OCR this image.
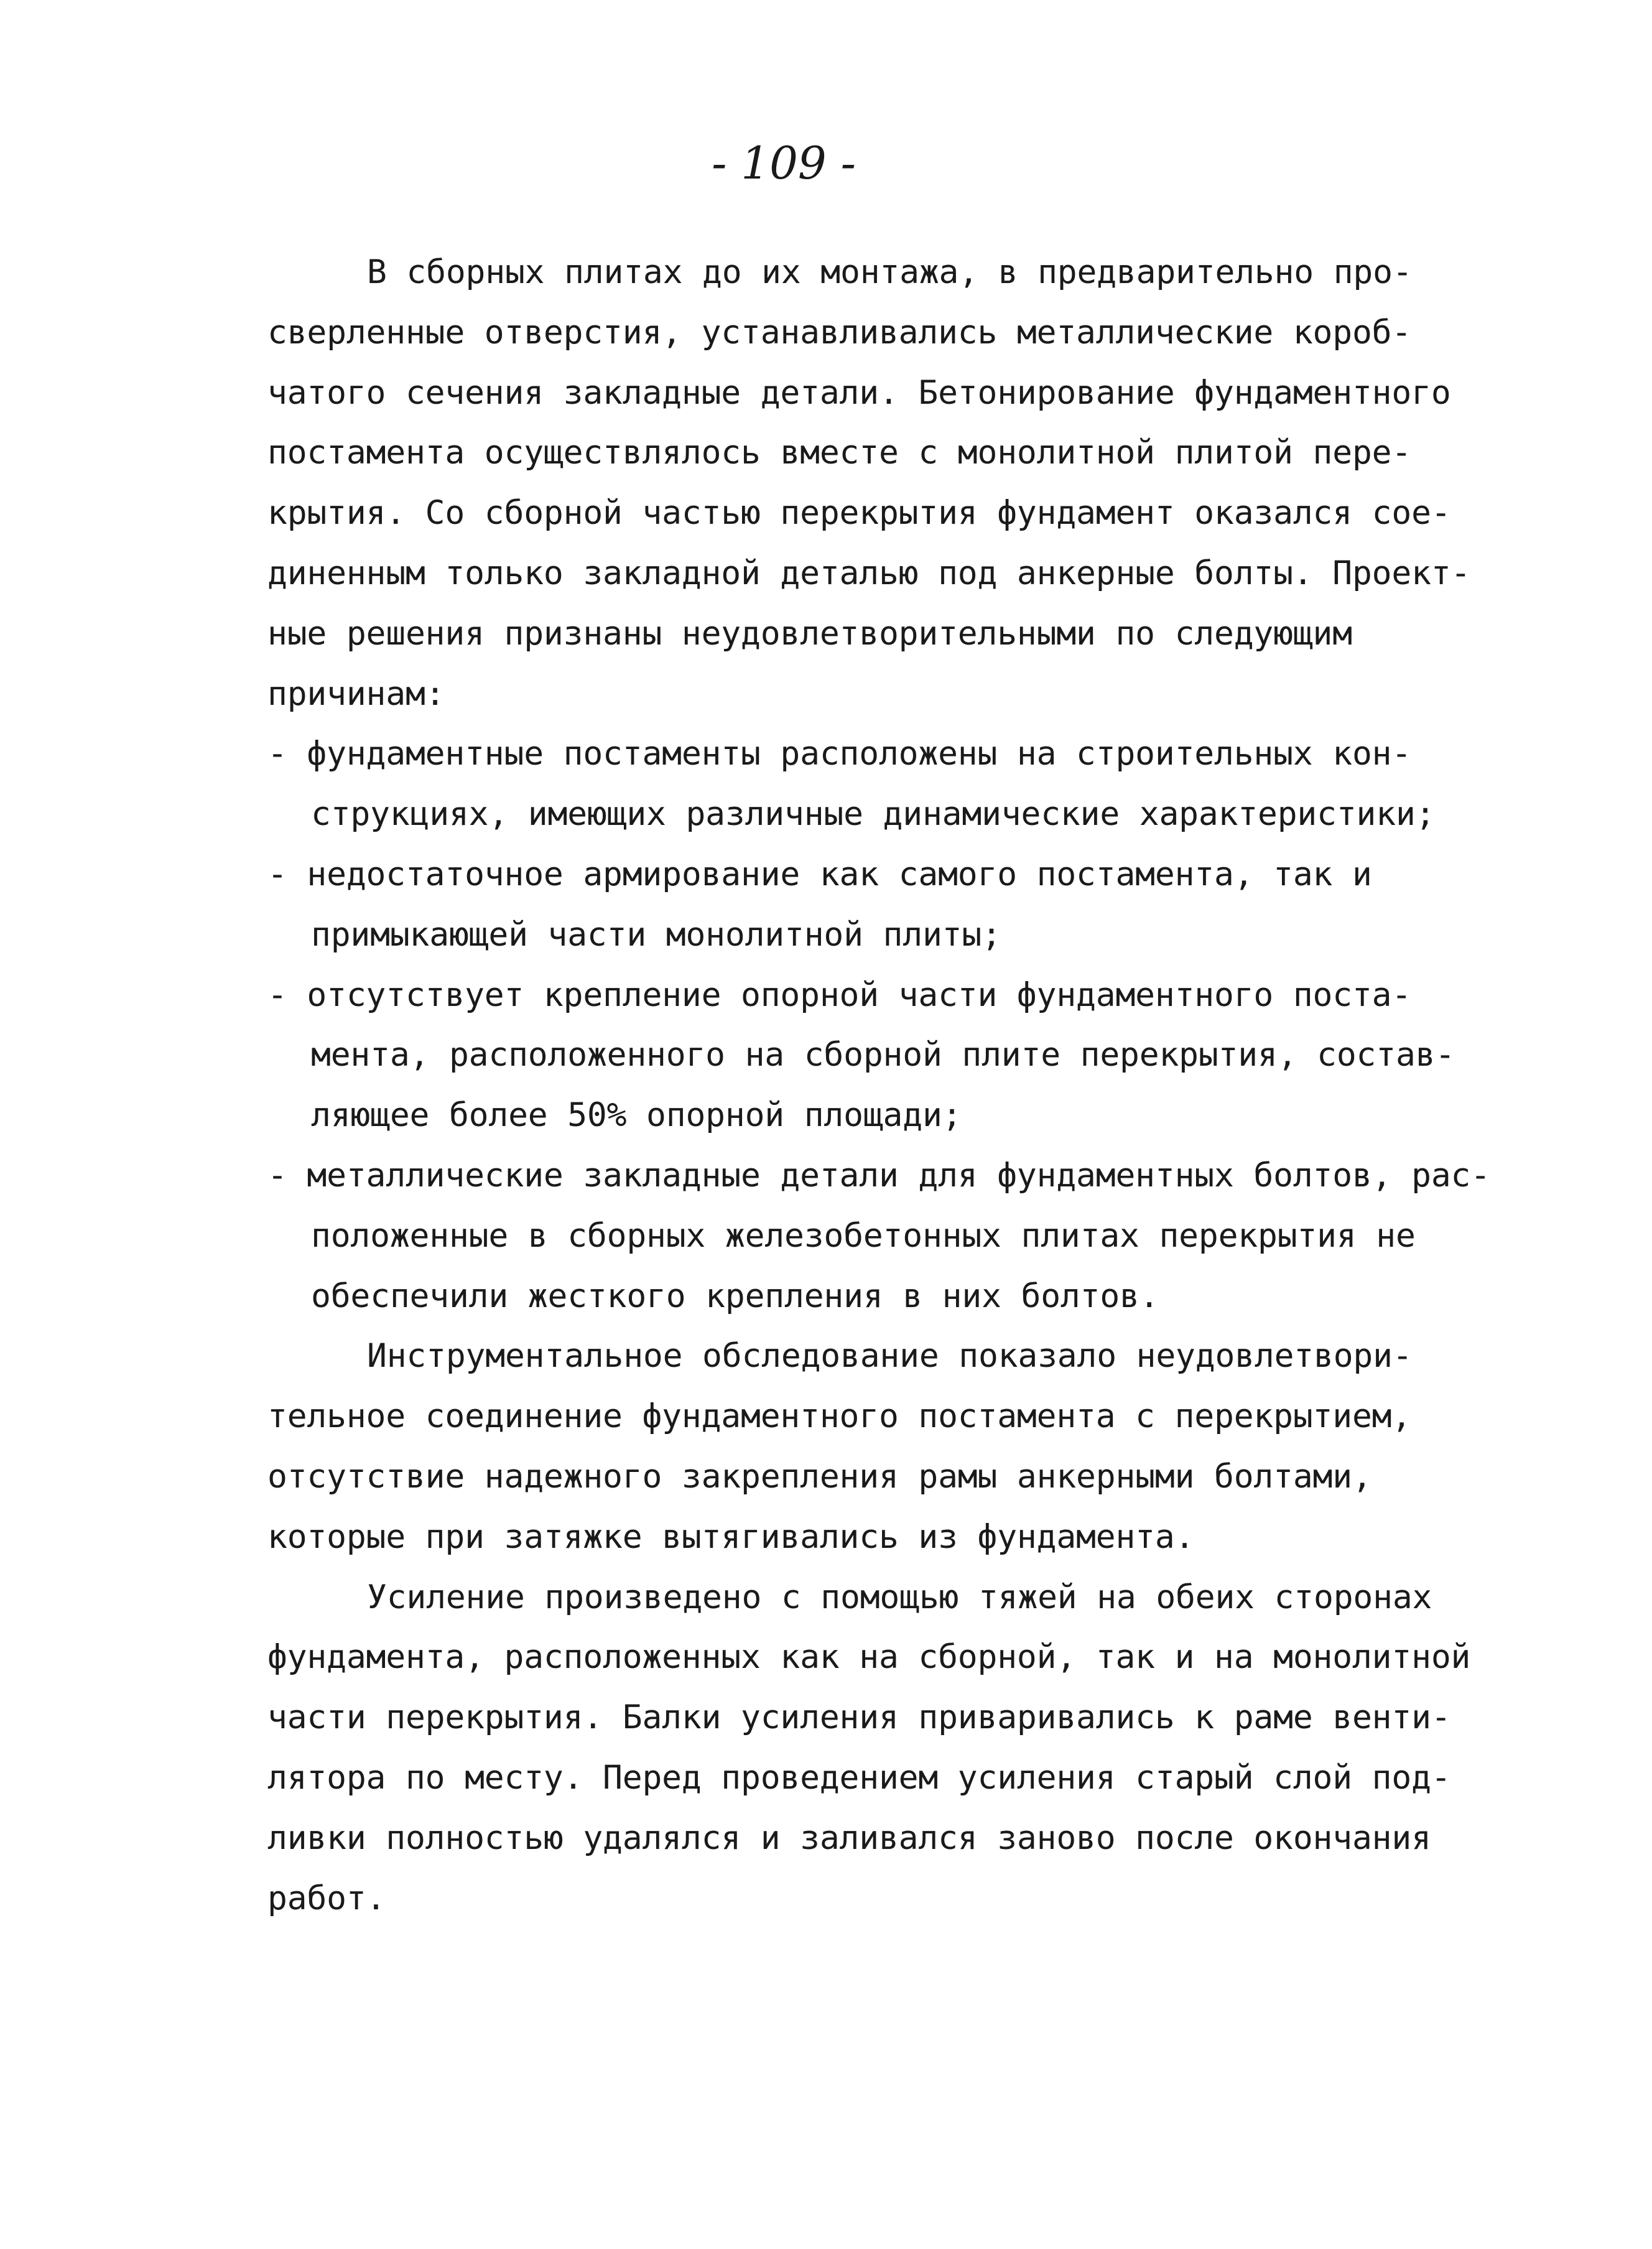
- 109 -
В сборных плитах до их монтажа, в предварительно про-
сверленные отверстия, устанавливались металлические короб-
чатого сечения закладные детали. Бетонирование фундаментного
постамента осуществлялось вместе с монолитной плитой пере-
крытия. Со сборной частью перекрытия фундамент оказался сое-
диненным только закладной деталью под анкерные болты. Проект-
ные решения признаны неудовлетворительными по следующим
причинам:
- фундаментные постаменты расположены на строительных кон-
струкциях, имеющих различные динамические характеристики;
- недостаточное армирование как самого постамента, так и
примыкающей части монолитной плиты;
- отсутствует крепление опорной части фундаментного поста-
мента, расположенного на сборной плите перекрытия, состав-
ляющее более 50% опорной площади;
- металлические закладные детали для фундаментных болтов, рас-
положенные в сборных железобетонных плитах перекрытия не
обеспечили жесткого крепления в них болтов.
Инструментальное обследование показало неудовлетвори-
тельное соединение фундаментного постамента с перекрытием,
отсутствие надежного закрепления рамы анкерными болтами,
которые при затяжке вытягивались из фундамента.
Усиление произведено с помощью тяжей на обеих сторонах
фундамента, расположенных как на сборной, так и на монолитной
части перекрытия. Балки усиления приваривались к раме венти-
лятора по месту. Перед проведением усиления старый слой под-
ливки полностью удалялся и заливался заново после окончания
работ.
